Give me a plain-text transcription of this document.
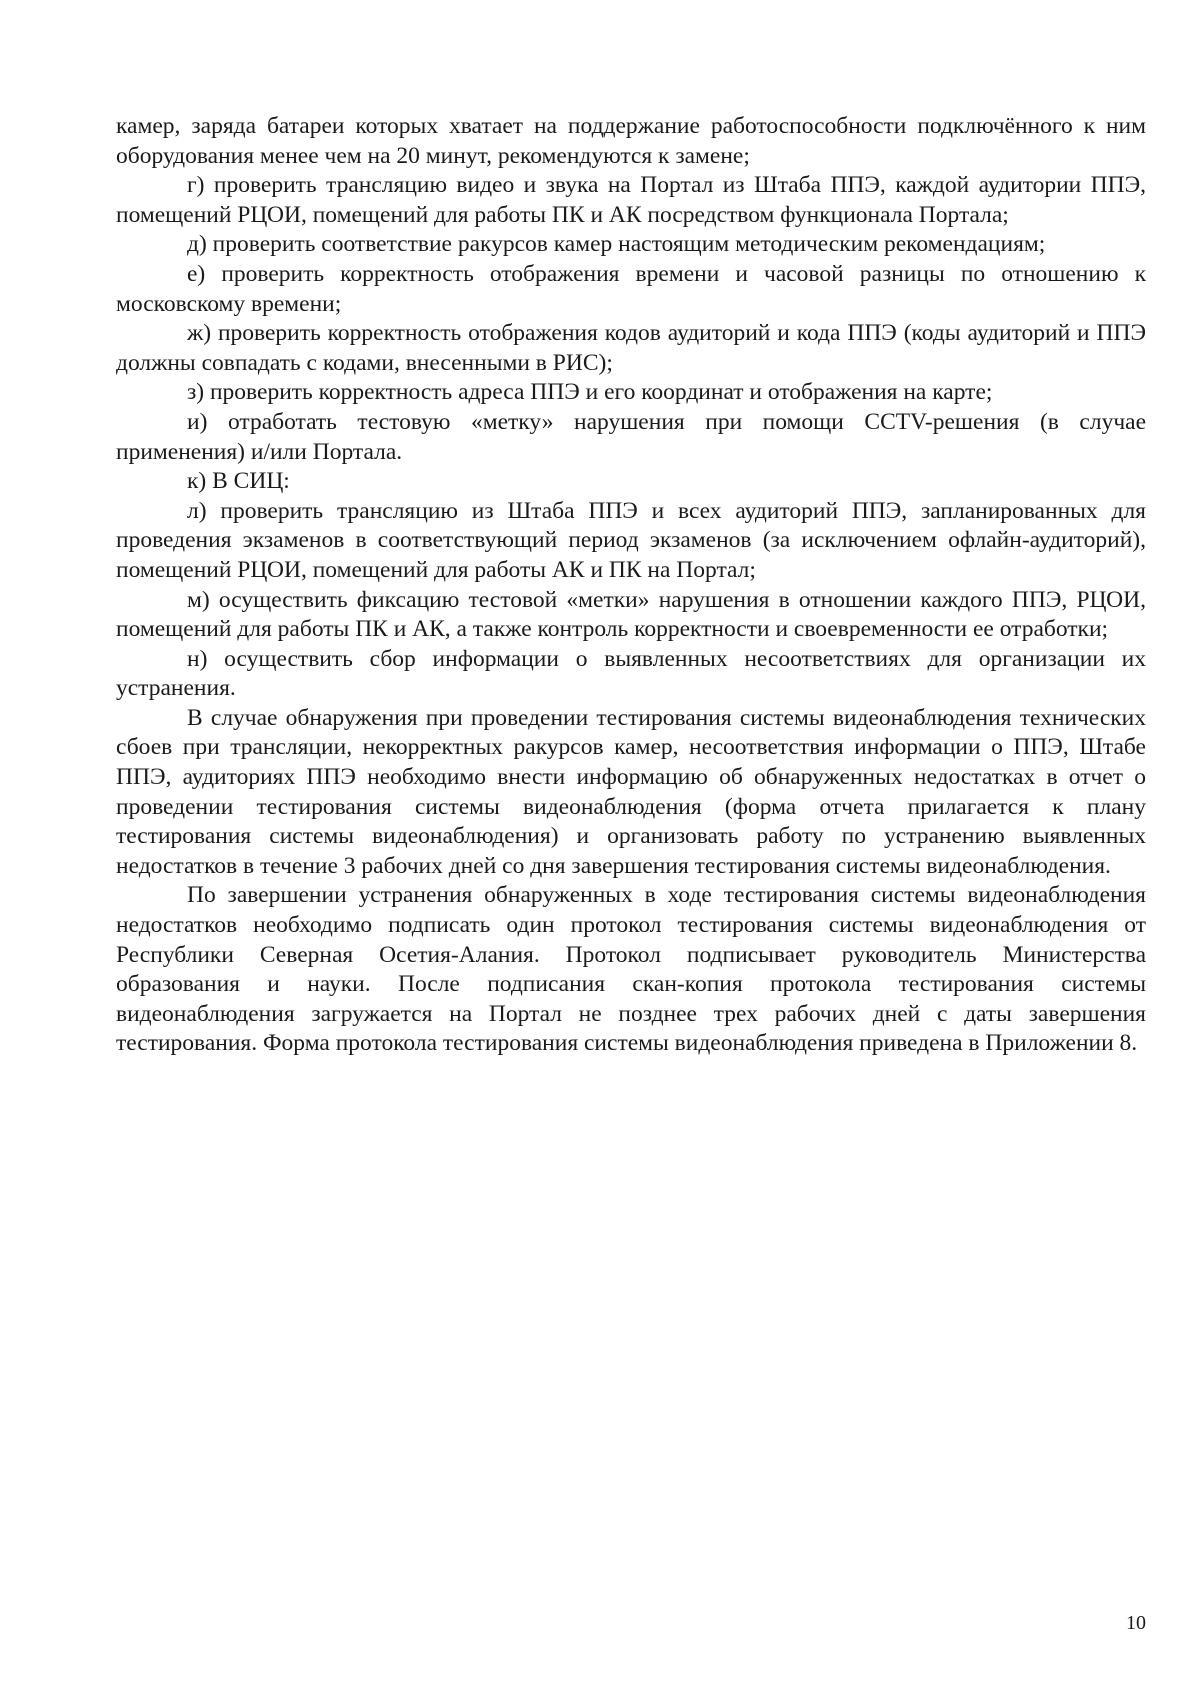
камер, заряда батареи которых хватает на поддержание работоспособности подключённого к ним оборудования менее чем на 20 минут, рекомендуются к замене;

г) проверить трансляцию видео и звука на Портал из Штаба ППЭ, каждой аудитории ППЭ, помещений РЦОИ, помещений для работы ПК и АК посредством функционала Портала;

д) проверить соответствие ракурсов камер настоящим методическим рекомендациям;

е) проверить корректность отображения времени и часовой разницы по отношению к московскому времени;

ж) проверить корректность отображения кодов аудиторий и кода ППЭ (коды аудиторий и ППЭ должны совпадать с кодами, внесенными в РИС);

з) проверить корректность адреса ППЭ и его координат и отображения на карте;

и) отработать тестовую «метку» нарушения при помощи CCTV-решения (в случае применения) и/или Портала.

к) В СИЦ:

л) проверить трансляцию из Штаба ППЭ и всех аудиторий ППЭ, запланированных для проведения экзаменов в соответствующий период экзаменов (за исключением офлайн-аудиторий), помещений РЦОИ, помещений для работы АК и ПК на Портал;

м) осуществить фиксацию тестовой «метки» нарушения в отношении каждого ППЭ, РЦОИ, помещений для работы ПК и АК, а также контроль корректности и своевременности ее отработки;

н) осуществить сбор информации о выявленных несоответствиях для организации их устранения.

В случае обнаружения при проведении тестирования системы видеонаблюдения технических сбоев при трансляции, некорректных ракурсов камер, несоответствия информации о ППЭ, Штабе ППЭ, аудиториях ППЭ необходимо внести информацию об обнаруженных недостатках в отчет о проведении тестирования системы видеонаблюдения (форма отчета прилагается к плану тестирования системы видеонаблюдения) и организовать работу по устранению выявленных недостатков в течение 3 рабочих дней со дня завершения тестирования системы видеонаблюдения.

По завершении устранения обнаруженных в ходе тестирования системы видеонаблюдения недостатков необходимо подписать один протокол тестирования системы видеонаблюдения от Республики Северная Осетия-Алания. Протокол подписывает руководитель Министерства образования и науки. После подписания скан-копия протокола тестирования системы видеонаблюдения загружается на Портал не позднее трех рабочих дней с даты завершения тестирования. Форма протокола тестирования системы видеонаблюдения приведена в Приложении 8.

10
